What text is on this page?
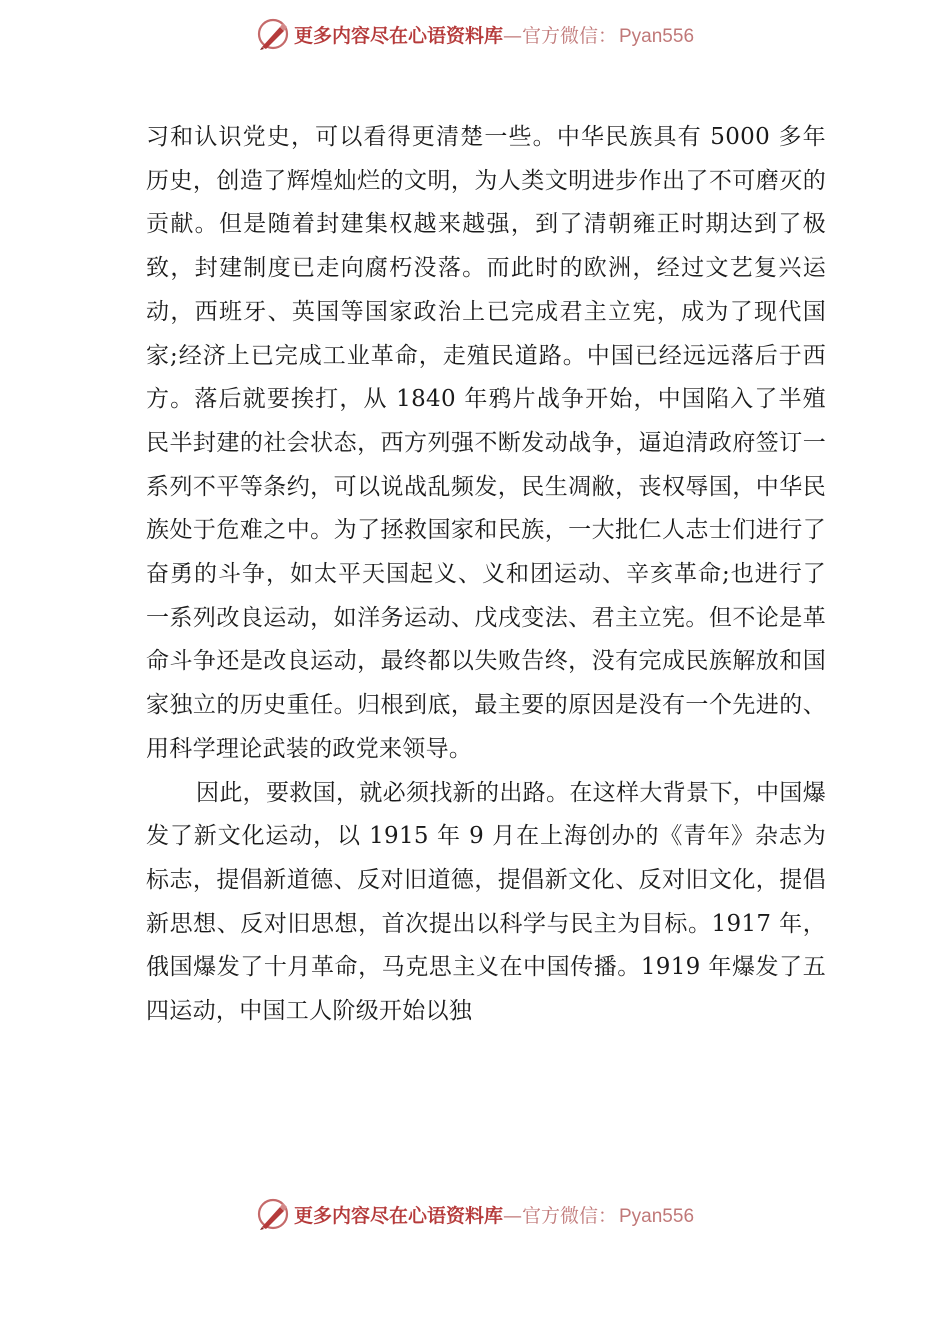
更多内容尽在心语资料库 — 官方微信： Pyan556

习和认识党史，可以看得更清楚一些。中华民族具有 5000 多年历史，创造了辉煌灿烂的文明，为人类文明进步作出了不可磨灭的贡献。但是随着封建集权越来越强，到了清朝雍正时期达到了极致，封建制度已走向腐朽没落。而此时的欧洲，经过文艺复兴运动，西班牙、英国等国家政治上已完成君主立宪，成为了现代国家;经济上已完成工业革命，走殖民道路。中国已经远远落后于西方。落后就要挨打，从 1840 年鸦片战争开始，中国陷入了半殖民半封建的社会状态，西方列强不断发动战争，逼迫清政府签订一系列不平等条约，可以说战乱频发，民生凋敝，丧权辱国，中华民族处于危难之中。为了拯救国家和民族，一大批仁人志士们进行了奋勇的斗争，如太平天国起义、义和团运动、辛亥革命;也进行了一系列改良运动，如洋务运动、戊戌变法、君主立宪。但不论是革命斗争还是改良运动，最终都以失败告终，没有完成民族解放和国家独立的历史重任。归根到底，最主要的原因是没有一个先进的、用科学理论武装的政党来领导。

因此，要救国，就必须找新的出路。在这样大背景下，中国爆发了新文化运动，以 1915 年 9 月在上海创办的《青年》杂志为标志，提倡新道德、反对旧道德，提倡新文化、反对旧文化，提倡新思想、反对旧思想，首次提出以科学与民主为目标。1917 年，俄国爆发了十月革命，马克思主义在中国传播。1919 年爆发了五四运动，中国工人阶级开始以独

更多内容尽在心语资料库 — 官方微信： Pyan556
